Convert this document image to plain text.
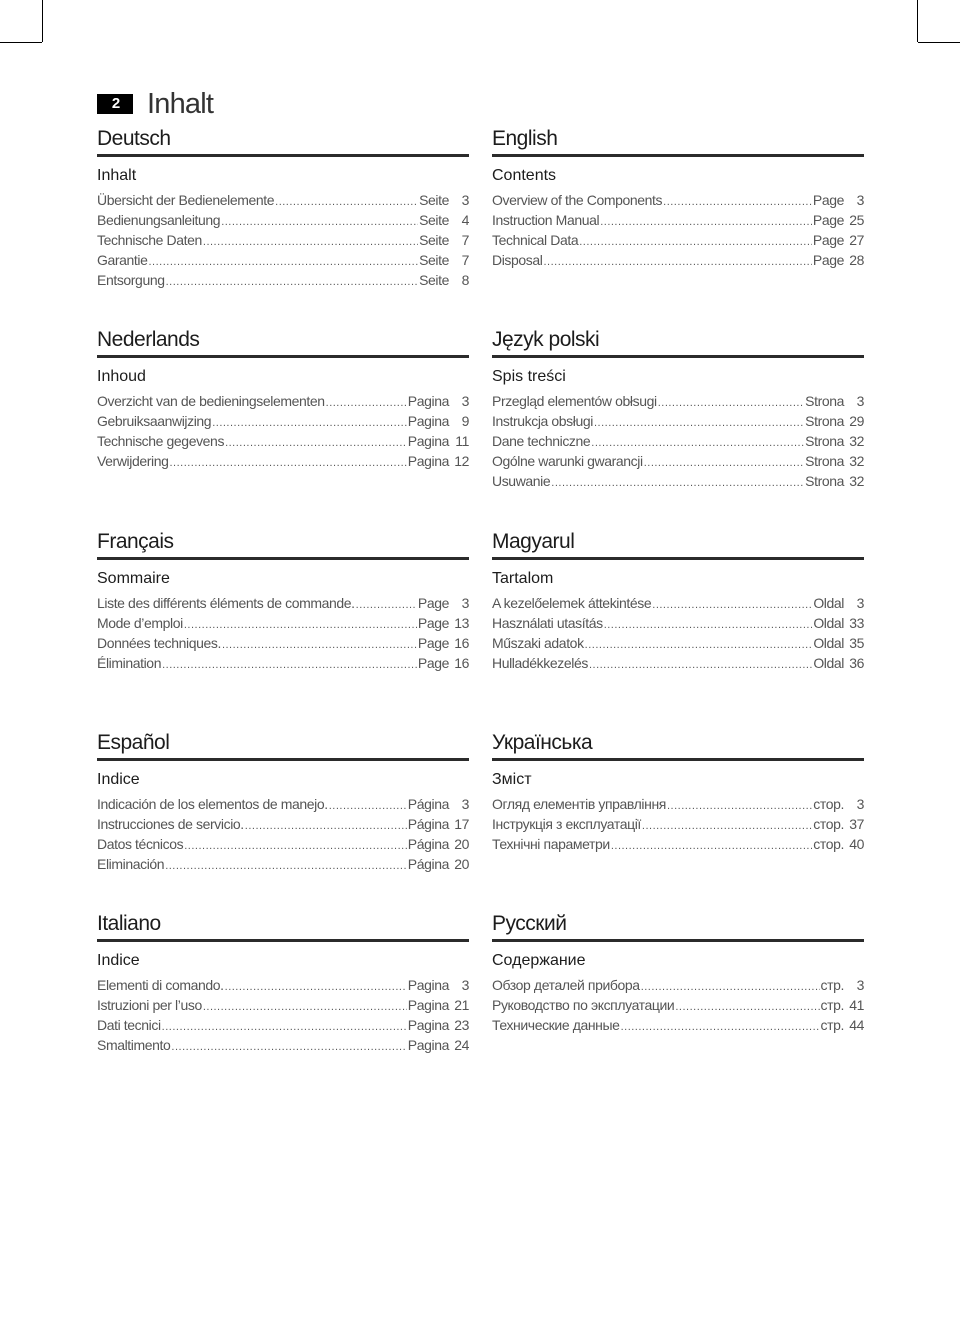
2 Inhalt
Deutsch
Inhalt
Übersicht der Bedienelemente .....	Seite 3
Bedienungsanleitung .....	Seite 4
Technische Daten .....	Seite 7
Garantie .....	Seite 7
Entsorgung .....	Seite 8
English
Contents
Overview of the Components .....	Page 3
Instruction Manual .....	Page 25
Technical Data .....	Page 27
Disposal .....	Page 28
Nederlands
Inhoud
Overzicht van de bedieningselementen .....	Pagina 3
Gebruiksaanwijzing .....	Pagina 9
Technische gegevens .....	Pagina 11
Verwijdering .....	Pagina 12
Język polski
Spis treści
Przegląd elementów obłsugi .....	Strona 3
Instrukcja obsługi .....	Strona 29
Dane techniczne .....	Strona 32
Ogólne warunki gwarancji .....	Strona 32
Usuwanie .....	Strona 32
Français
Sommaire
Liste des différents éléments de commande. .....	Page 3
Mode d’emploi .....	Page 13
Données techniques. .....	Page 16
Élimination .....	Page 16
Magyarul
Tartalom
A kezelőelemek áttekintése .....	Oldal 3
Használati utasítás .....	Oldal 33
Műszaki adatok .....	Oldal 35
Hulladékkezelés .....	Oldal 36
Español
Indice
Indicación de los elementos de manejo. .....	Página 3
Instrucciones de servicio. .....	Página 17
Datos técnicos .....	Página 20
Eliminación .....	Página 20
Українська
Зміст
Огляд елементів управління .....	стор. 3
Інструкція з експлуатації .....	стор. 37
Технічні параметри .....	стор. 40
Italiano
Indice
Elementi di comando. .....	Pagina 3
Istruzioni per l’uso .....	Pagina 21
Dati tecnici .....	Pagina 23
Smaltimento .....	Pagina 24
Русский
Содержание
Обзор деталей прибора .....	стр. 3
Руководство по эксплуатации .....	стр. 41
Технические данные .....	стр. 44
